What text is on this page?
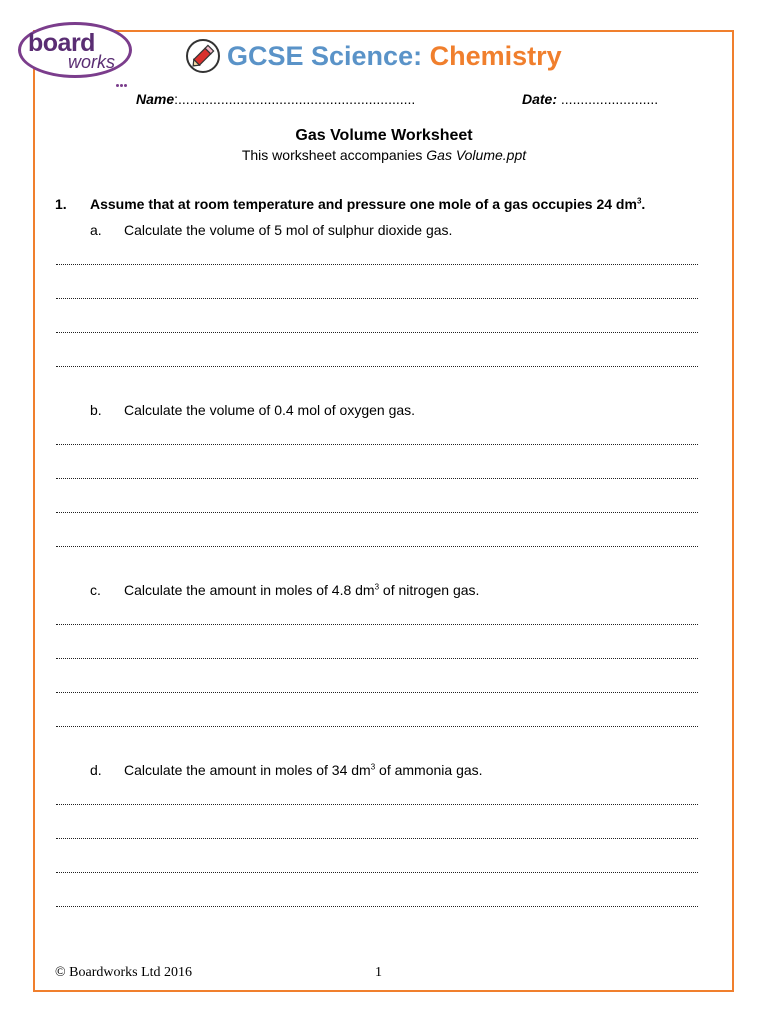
board
works	GCSE Science: Chemistry
Name:.............................................................	Date: .........................
Gas Volume Worksheet
This worksheet accompanies Gas Volume.ppt
1. Assume that at room temperature and pressure one mole of a gas occupies 24 $dm^3$.
a. Calculate the volume of 5 mol of sulphur dioxide gas.
b. Calculate the volume of 0.4 mol of oxygen gas.
c. Calculate the amount in moles of 4.8 $dm^3$ of nitrogen gas.
d. Calculate the amount in moles of 34 $dm^3$ of ammonia gas.
© Boardworks Ltd 2016	1
